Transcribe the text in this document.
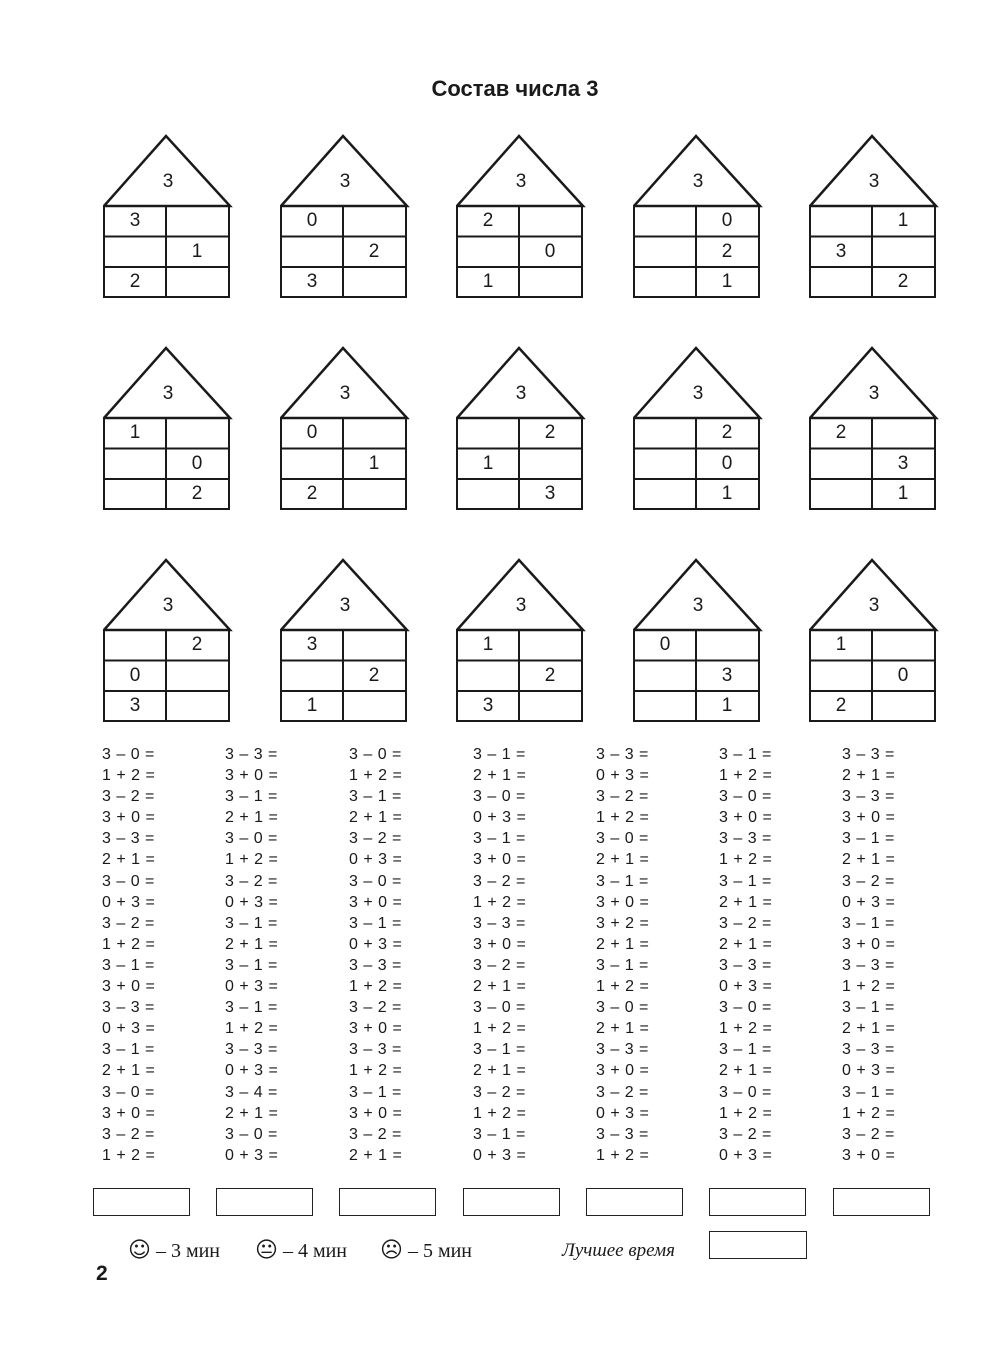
Состав числа 3
3
3
1
2
3
0
2
3
3
2
0
1
3
0
2
1
3
1
3
2
3
1
0
2
3
0
1
2
3
2
1
3
3
2
0
1
3
2
3
1
3
2
0
3
3
3
2
1
3
1
2
3
3
0
3
1
3
1
0
2
3 – 0 =
1 + 2 =
3 – 2 =
3 + 0 =
3 – 3 =
2 + 1 =
3 – 0 =
0 + 3 =
3 – 2 =
1 + 2 =
3 – 1 =
3 + 0 =
3 – 3 =
0 + 3 =
3 – 1 =
2 + 1 =
3 – 0 =
3 + 0 =
3 – 2 =
1 + 2 =
3 – 3 =
3 + 0 =
3 – 1 =
2 + 1 =
3 – 0 =
1 + 2 =
3 – 2 =
0 + 3 =
3 – 1 =
2 + 1 =
3 – 1 =
0 + 3 =
3 – 1 =
1 + 2 =
3 – 3 =
0 + 3 =
3 – 4 =
2 + 1 =
3 – 0 =
0 + 3 =
3 – 0 =
1 + 2 =
3 – 1 =
2 + 1 =
3 – 2 =
0 + 3 =
3 – 0 =
3 + 0 =
3 – 1 =
0 + 3 =
3 – 3 =
1 + 2 =
3 – 2 =
3 + 0 =
3 – 3 =
1 + 2 =
3 – 1 =
3 + 0 =
3 – 2 =
2 + 1 =
3 – 1 =
2 + 1 =
3 – 0 =
0 + 3 =
3 – 1 =
3 + 0 =
3 – 2 =
1 + 2 =
3 – 3 =
3 + 0 =
3 – 2 =
2 + 1 =
3 – 0 =
1 + 2 =
3 – 1 =
2 + 1 =
3 – 2 =
1 + 2 =
3 – 1 =
0 + 3 =
3 – 3 =
0 + 3 =
3 – 2 =
1 + 2 =
3 – 0 =
2 + 1 =
3 – 1 =
3 + 0 =
3 + 2 =
2 + 1 =
3 – 1 =
1 + 2 =
3 – 0 =
2 + 1 =
3 – 3 =
3 + 0 =
3 – 2 =
0 + 3 =
3 – 3 =
1 + 2 =
3 – 1 =
1 + 2 =
3 – 0 =
3 + 0 =
3 – 3 =
1 + 2 =
3 – 1 =
2 + 1 =
3 – 2 =
2 + 1 =
3 – 3 =
0 + 3 =
3 – 0 =
1 + 2 =
3 – 1 =
2 + 1 =
3 – 0 =
1 + 2 =
3 – 2 =
0 + 3 =
3 – 3 =
2 + 1 =
3 – 3 =
3 + 0 =
3 – 1 =
2 + 1 =
3 – 2 =
0 + 3 =
3 – 1 =
3 + 0 =
3 – 3 =
1 + 2 =
3 – 1 =
2 + 1 =
3 – 3 =
0 + 3 =
3 – 1 =
1 + 2 =
3 – 2 =
3 + 0 =
☺ – 3 мин 😐︎ – 4 мин ☹ – 5 мин	Лучшее время
2
